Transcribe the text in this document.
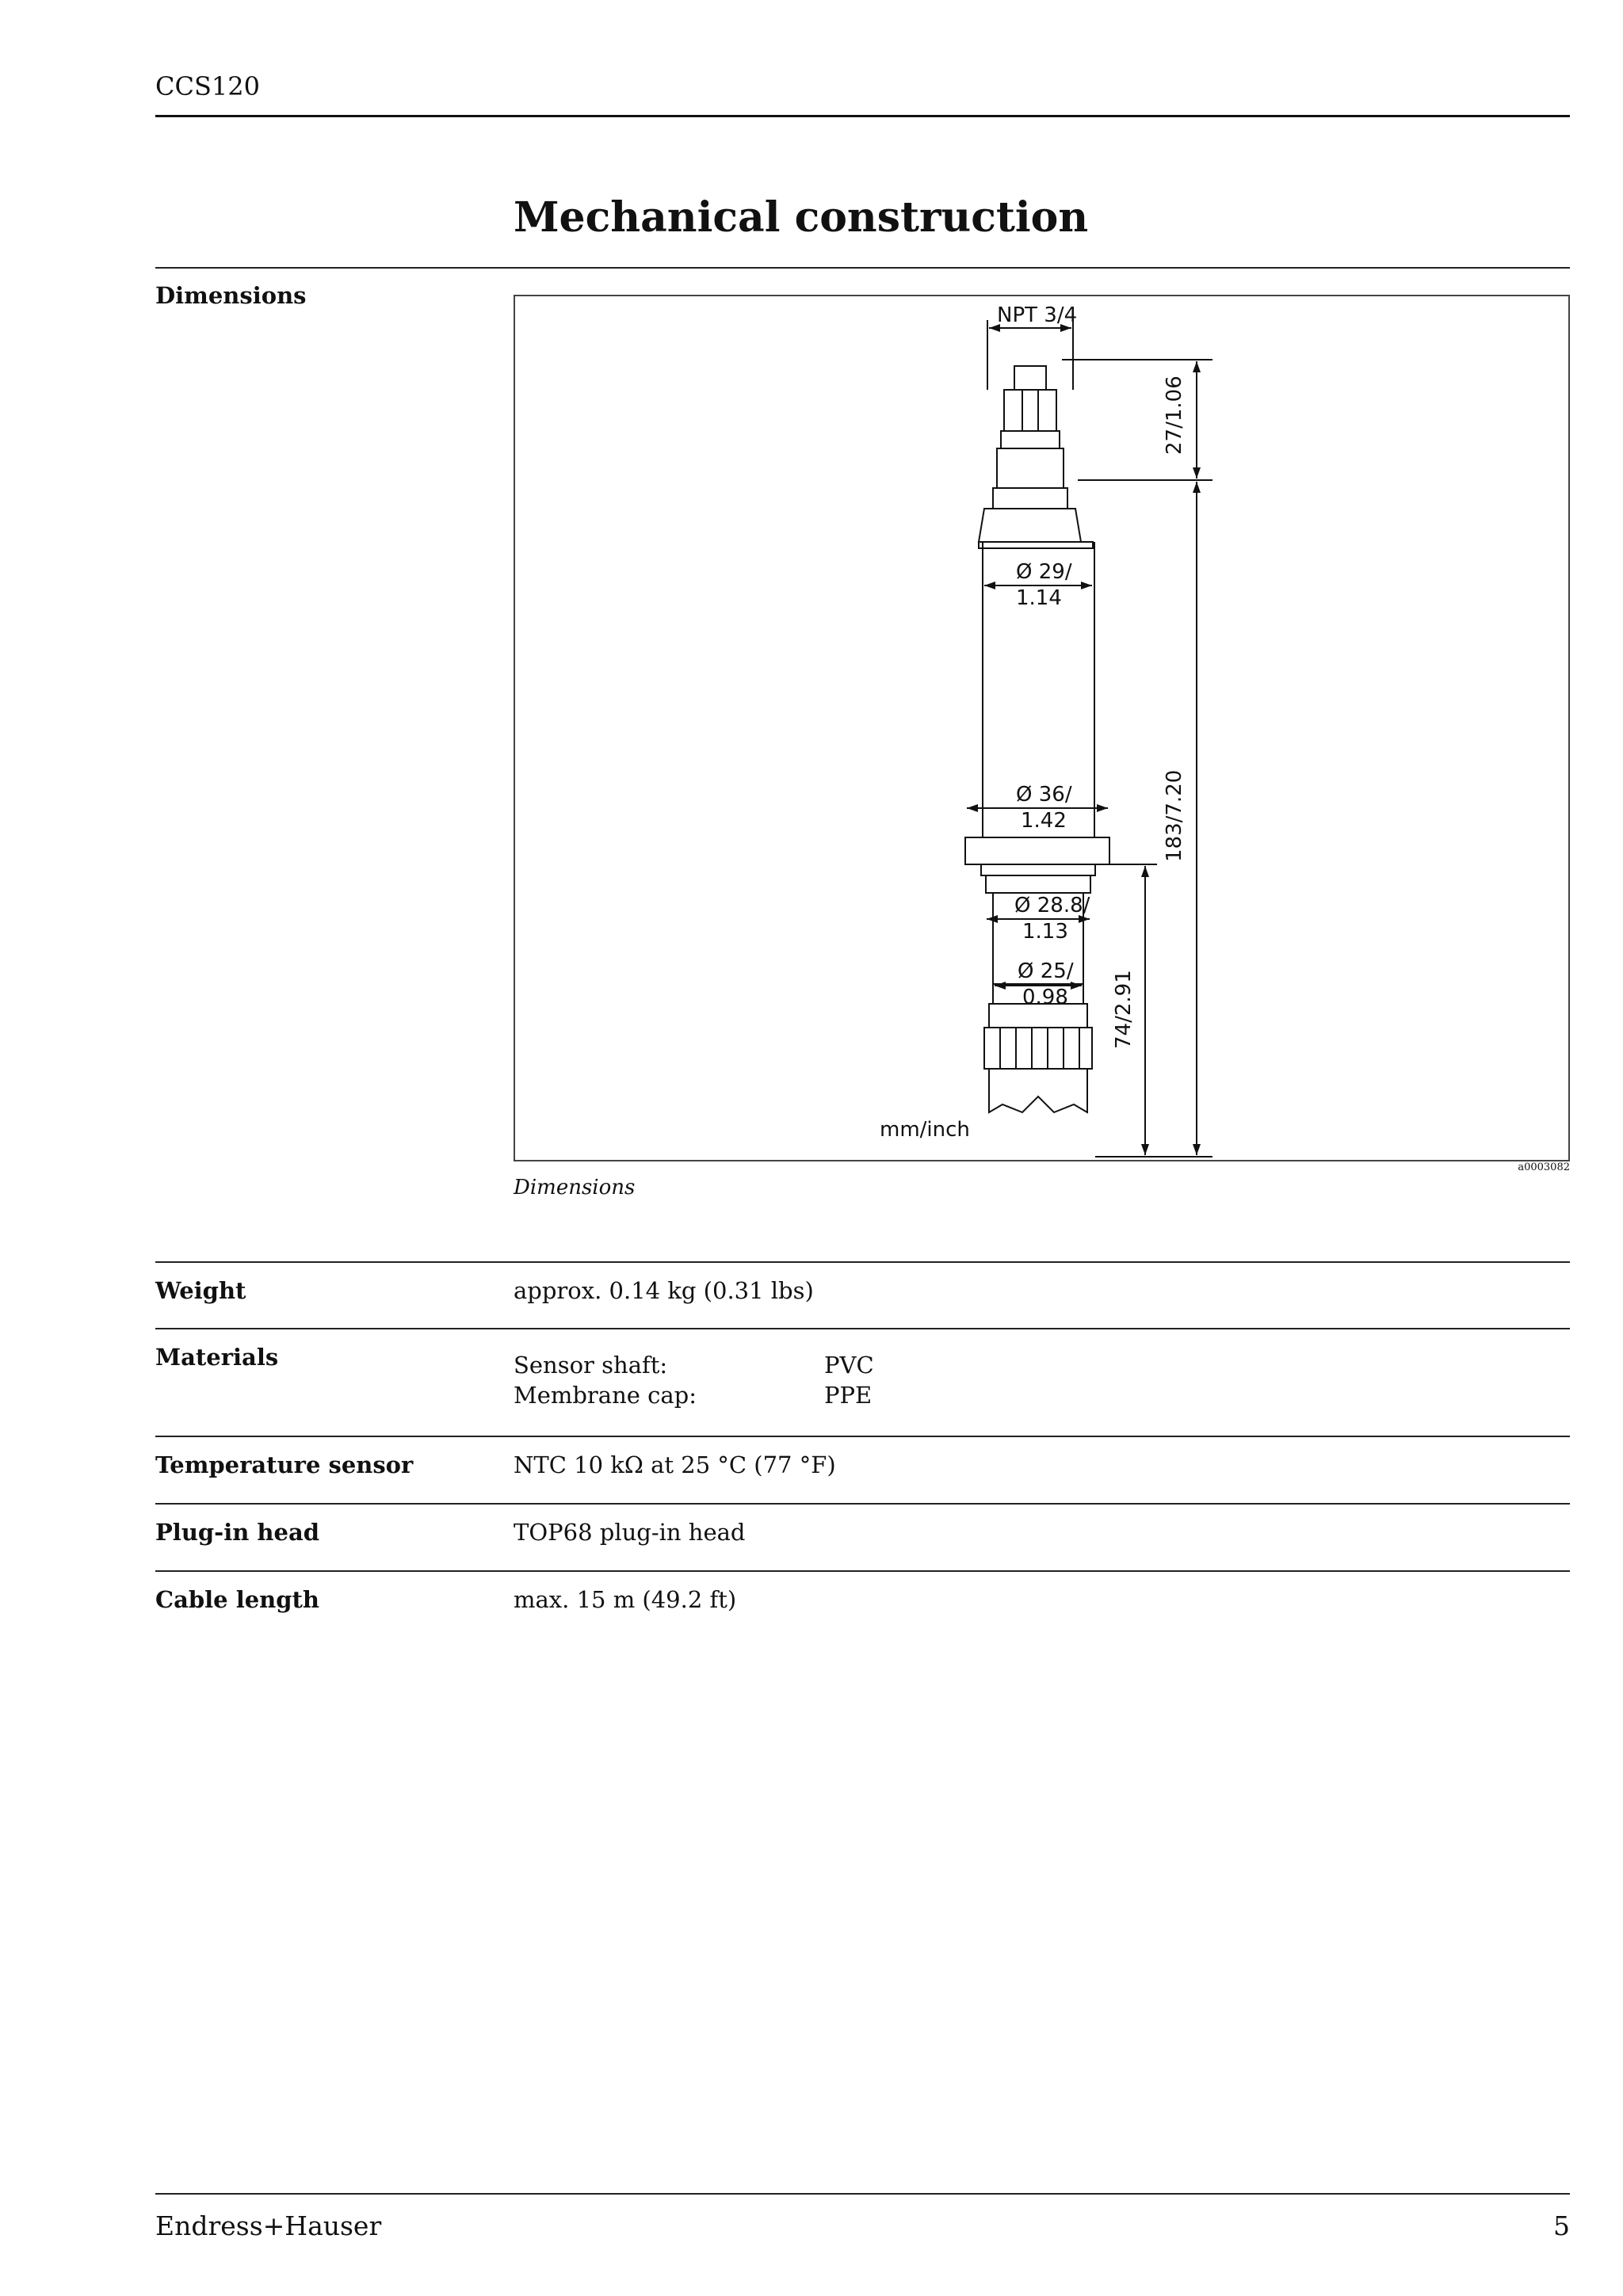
CCS120
Mechanical construction
Dimensions
NPT 3/4
27/1.06
183/7.20
74/2.91
Ø 29/
1.14
Ø 36/
1.42
Ø 28.8/
1.13
Ø 25/
0.98
mm/inch
a0003082
Dimensions
Weight	approx. 0.14 kg (0.31 lbs)
Materials	Sensor shaft:	PVC
Membrane cap:	PPE
Temperature sensor	NTC 10 kΩ at 25 °C (77 °F)
Plug-in head	TOP68 plug-in head
Cable length	max. 15 m (49.2 ft)
Endress+Hauser	5
